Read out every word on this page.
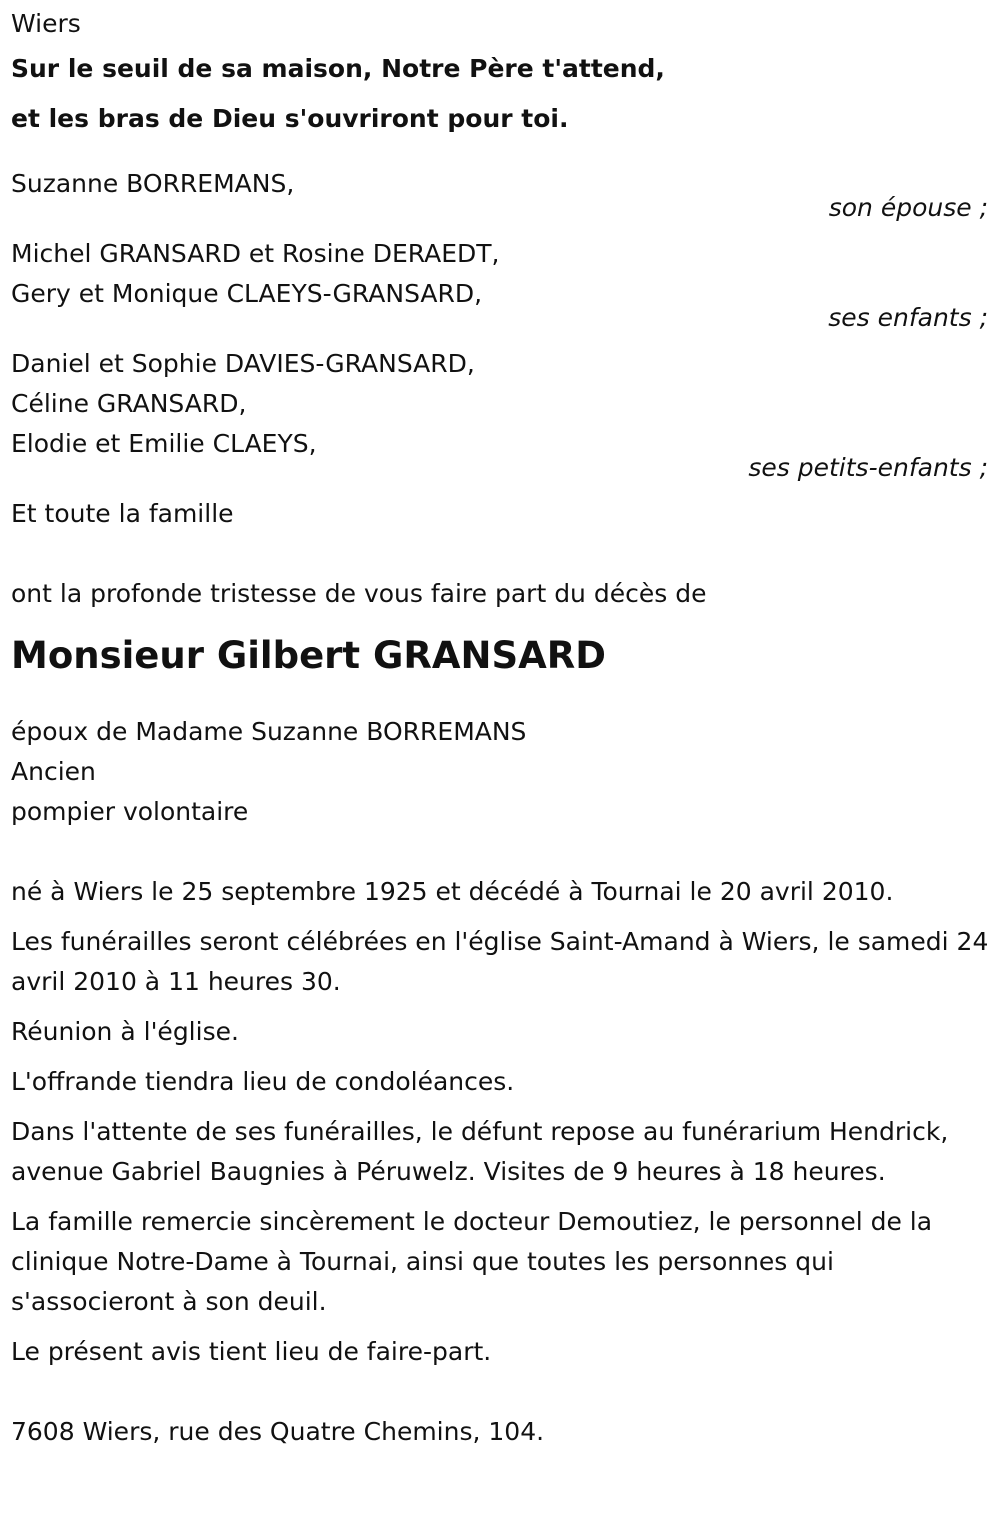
Wiers
Sur le seuil de sa maison, Notre Père t'attend,
et les bras de Dieu s'ouvriront pour toi.
Suzanne BORREMANS,
son épouse ;
Michel GRANSARD et Rosine DERAEDT,
Gery et Monique CLAEYS-GRANSARD,
ses enfants ;
Daniel et Sophie DAVIES-GRANSARD,
Céline GRANSARD,
Elodie et Emilie CLAEYS,
ses petits-enfants ;
Et toute la famille
ont la profonde tristesse de vous faire part du décès de
Monsieur Gilbert GRANSARD
époux de Madame Suzanne BORREMANS
Ancien
pompier volontaire
né à Wiers le 25 septembre 1925 et décédé à Tournai le 20 avril 2010.
Les funérailles seront célébrées en l'église Saint-Amand à Wiers, le samedi 24 avril 2010 à 11 heures 30.
Réunion à l'église.
L'offrande tiendra lieu de condoléances.
Dans l'attente de ses funérailles, le défunt repose au funérarium Hendrick, avenue Gabriel Baugnies à Péruwelz. Visites de 9 heures à 18 heures.
La famille remercie sincèrement le docteur Demoutiez, le personnel de la clinique Notre-Dame à Tournai, ainsi que toutes les personnes qui s'associeront à son deuil.
Le présent avis tient lieu de faire-part.
7608 Wiers, rue des Quatre Chemins, 104.
